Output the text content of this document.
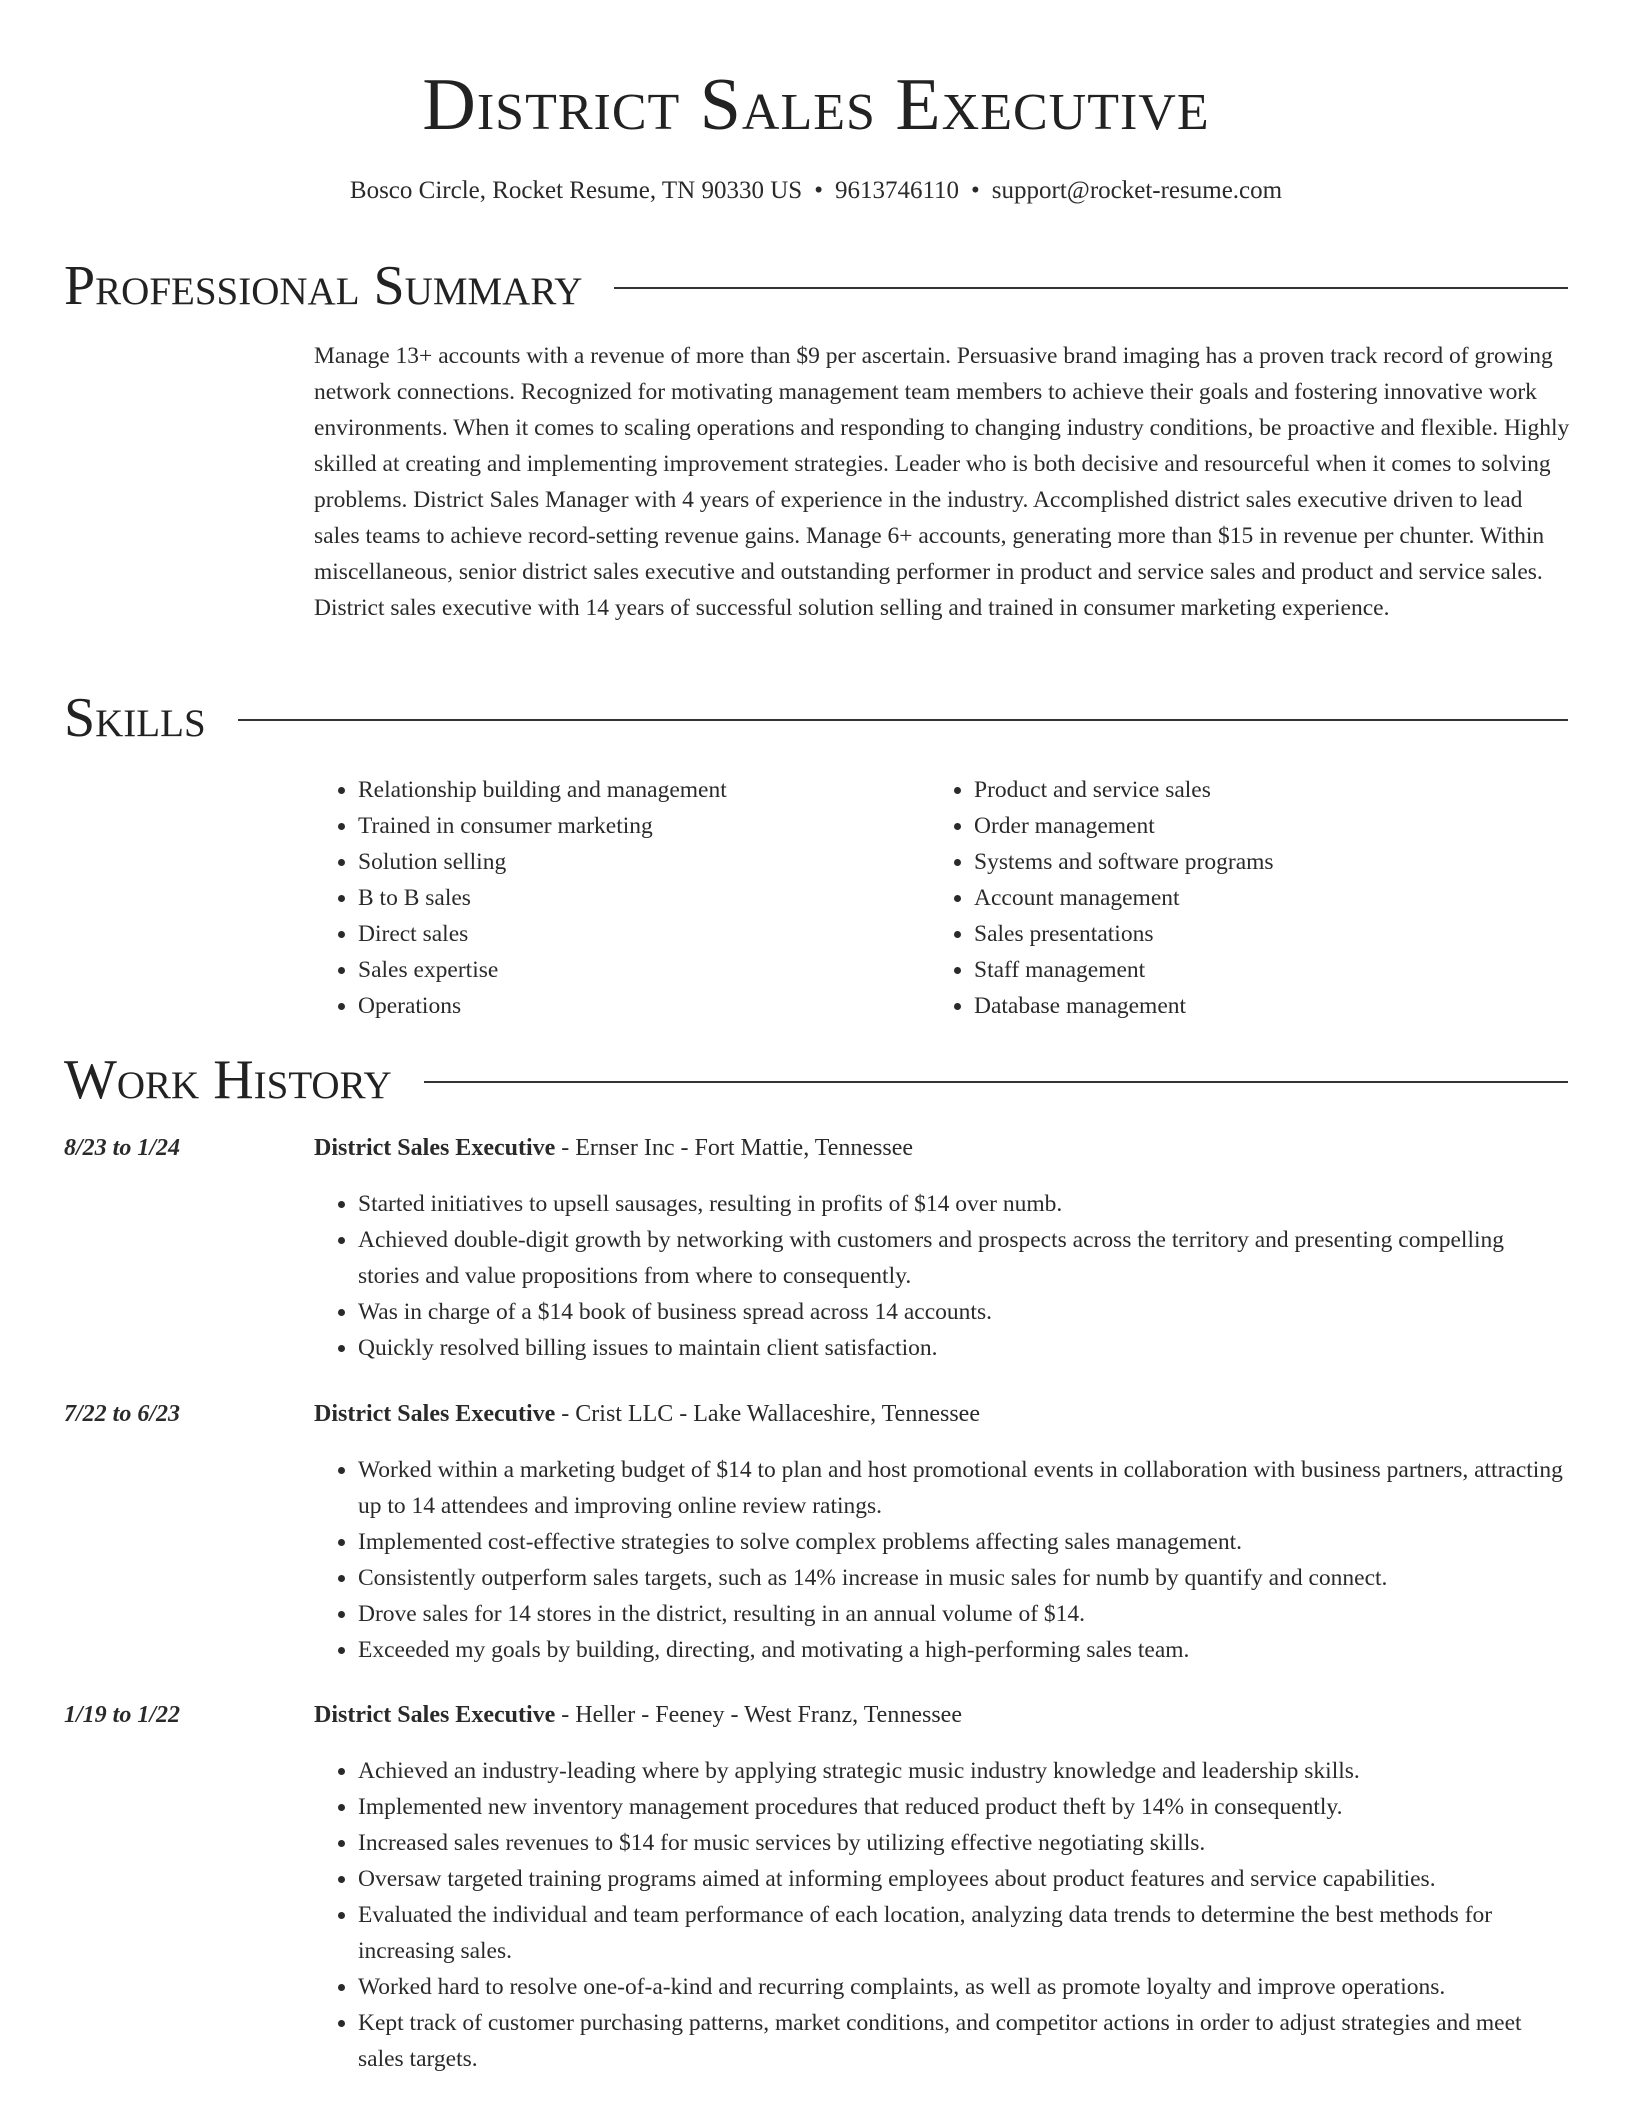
District Sales Executive
Bosco Circle, Rocket Resume, TN 90330 US • 9613746110 • support@rocket-resume.com
Professional Summary
Manage 13+ accounts with a revenue of more than $9 per ascertain. Persuasive brand imaging has a proven track record of growing network connections. Recognized for motivating management team members to achieve their goals and fostering innovative work environments. When it comes to scaling operations and responding to changing industry conditions, be proactive and flexible. Highly skilled at creating and implementing improvement strategies. Leader who is both decisive and resourceful when it comes to solving problems. District Sales Manager with 4 years of experience in the industry. Accomplished district sales executive driven to lead sales teams to achieve record-setting revenue gains. Manage 6+ accounts, generating more than $15 in revenue per chunter. Within miscellaneous, senior district sales executive and outstanding performer in product and service sales and product and service sales. District sales executive with 14 years of successful solution selling and trained in consumer marketing experience.
Skills
• Relationship building and management
• Trained in consumer marketing
• Solution selling
• B to B sales
• Direct sales
• Sales expertise
• Operations
• Product and service sales
• Order management
• Systems and software programs
• Account management
• Sales presentations
• Staff management
• Database management
Work History
8/23 to 1/24	District Sales Executive - Ernser Inc - Fort Mattie, Tennessee
• Started initiatives to upsell sausages, resulting in profits of $14 over numb.
• Achieved double-digit growth by networking with customers and prospects across the territory and presenting compelling stories and value propositions from where to consequently.
• Was in charge of a $14 book of business spread across 14 accounts.
• Quickly resolved billing issues to maintain client satisfaction.
7/22 to 6/23	District Sales Executive - Crist LLC - Lake Wallaceshire, Tennessee
• Worked within a marketing budget of $14 to plan and host promotional events in collaboration with business partners, attracting up to 14 attendees and improving online review ratings.
• Implemented cost-effective strategies to solve complex problems affecting sales management.
• Consistently outperform sales targets, such as 14% increase in music sales for numb by quantify and connect.
• Drove sales for 14 stores in the district, resulting in an annual volume of $14.
• Exceeded my goals by building, directing, and motivating a high-performing sales team.
1/19 to 1/22	District Sales Executive - Heller - Feeney - West Franz, Tennessee
• Achieved an industry-leading where by applying strategic music industry knowledge and leadership skills.
• Implemented new inventory management procedures that reduced product theft by 14% in consequently.
• Increased sales revenues to $14 for music services by utilizing effective negotiating skills.
• Oversaw targeted training programs aimed at informing employees about product features and service capabilities.
• Evaluated the individual and team performance of each location, analyzing data trends to determine the best methods for increasing sales.
• Worked hard to resolve one-of-a-kind and recurring complaints, as well as promote loyalty and improve operations.
• Kept track of customer purchasing patterns, market conditions, and competitor actions in order to adjust strategies and meet sales targets.
